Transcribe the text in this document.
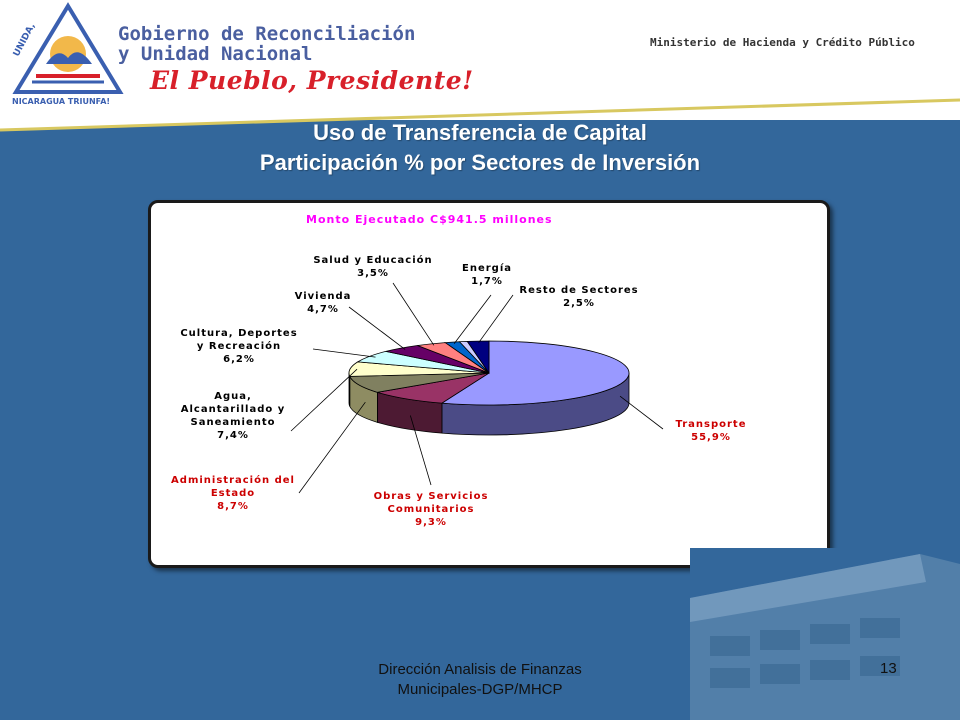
UNIDA,
NICARAGUA TRIUNFA!
Gobierno de Reconciliación
y Unidad Nacional
El Pueblo, Presidente!
Ministerio de Hacienda y Crédito Público
Uso de Transferencia de Capital
Participación % por Sectores de Inversión
Monto Ejecutado C$941.5 millones
Transporte
55,9%
Obras y Servicios
Comunitarios
9,3%
Administración del
Estado
8,7%
Agua,
Alcantarillado y
Saneamiento
7,4%
Cultura, Deportes
y Recreación
6,2%
Vivienda
4,7%
Salud y Educación
3,5%	Energía
1,7%
Resto de Sectores
2,5%
Dirección Analisis de Finanzas
Municipales-DGP/MHCP
13
